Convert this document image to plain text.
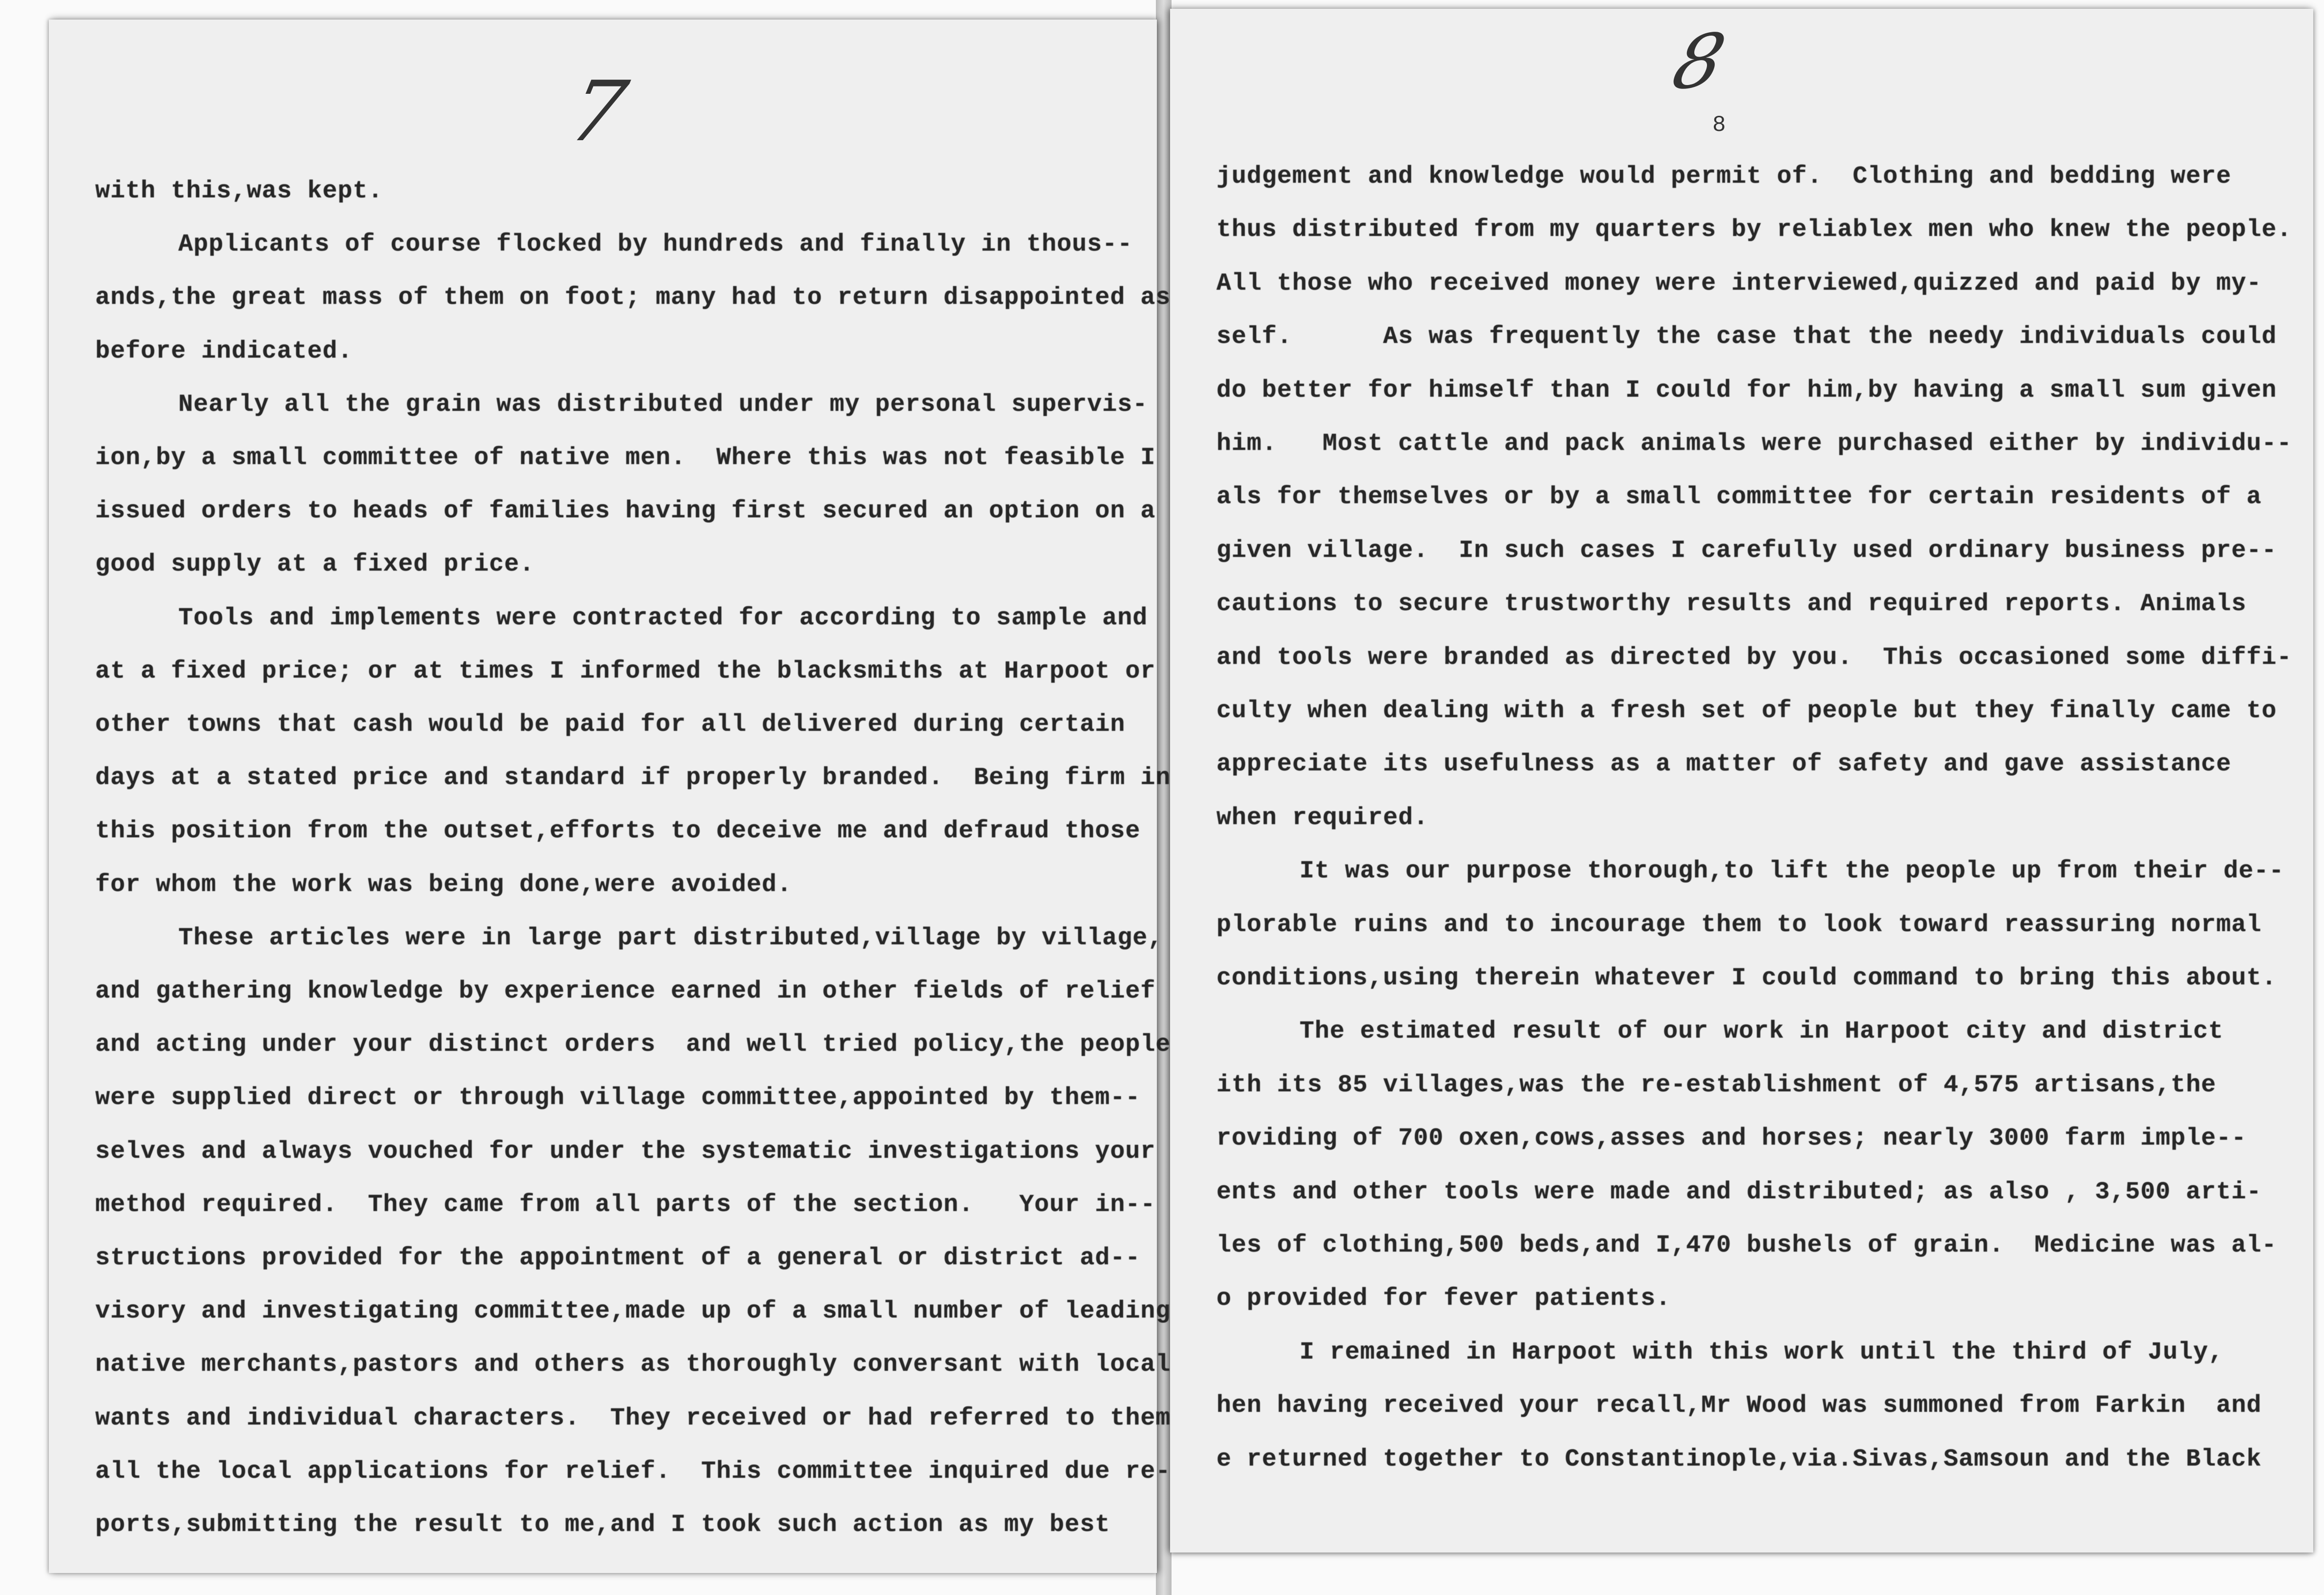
7
8
8
with this,was kept.
Applicants of course flocked by hundreds and finally in thous--
ands,the great mass of them on foot; many had to return disappointed as
before indicated.
Nearly all the grain was distributed under my personal supervis-
ion,by a small committee of native men.  Where this was not feasible I
issued orders to heads of families having first secured an option on a
good supply at a fixed price.
Tools and implements were contracted for according to sample and
at a fixed price; or at times I informed the blacksmiths at Harpoot or
other towns that cash would be paid for all delivered during certain
days at a stated price and standard if properly branded.  Being firm in
this position from the outset,efforts to deceive me and defraud those
for whom the work was being done,were avoided.
These articles were in large part distributed,village by village,
and gathering knowledge by experience earned in other fields of relief
and acting under your distinct orders  and well tried policy,the people
were supplied direct or through village committee,appointed by them--
selves and always vouched for under the systematic investigations your
method required.  They came from all parts of the section.   Your in--
structions provided for the appointment of a general or district ad--
visory and investigating committee,made up of a small number of leading
native merchants,pastors and others as thoroughly conversant with local
wants and individual characters.  They received or had referred to them
all the local applications for relief.  This committee inquired due re-
ports,submitting the result to me,and I took such action as my best
judgement and knowledge would permit of.  Clothing and bedding were
thus distributed from my quarters by reliablex men who knew the people.
All those who received money were interviewed,quizzed and paid by my-
self.      As was frequently the case that the needy individuals could
do better for himself than I could for him,by having a small sum given
him.   Most cattle and pack animals were purchased either by individu--
als for themselves or by a small committee for certain residents of a
given village.  In such cases I carefully used ordinary business pre--
cautions to secure trustworthy results and required reports. Animals
and tools were branded as directed by you.  This occasioned some diffi-
culty when dealing with a fresh set of people but they finally came to
appreciate its usefulness as a matter of safety and gave assistance
when required.
It was our purpose thorough,to lift the people up from their de--
plorable ruins and to incourage them to look toward reassuring normal
conditions,using therein whatever I could command to bring this about.
The estimated result of our work in Harpoot city and district
ith its 85 villages,was the re-establishment of 4,575 artisans,the
roviding of 700 oxen,cows,asses and horses; nearly 3000 farm imple--
ents and other tools were made and distributed; as also , 3,500 arti-
les of clothing,500 beds,and I,470 bushels of grain.  Medicine was al-
o provided for fever patients.
I remained in Harpoot with this work until the third of July,
hen having received your recall,Mr Wood was summoned from Farkin  and
e returned together to Constantinople,via.Sivas,Samsoun and the Black
